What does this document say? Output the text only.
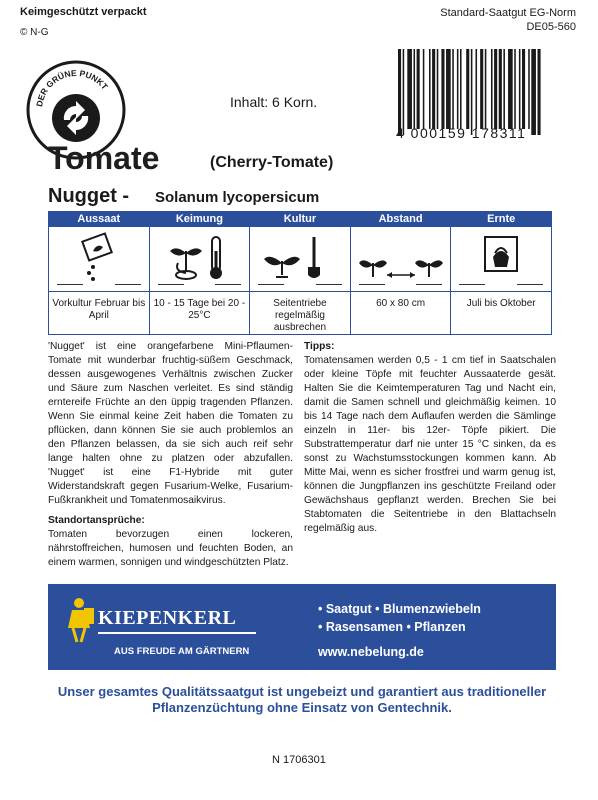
Keimgeschützt verpackt
© N-G
Standard-Saatgut EG-Norm
DE05-560
DER GRÜNE PUNKT
Inhalt: 6 Korn.
4 000159 178311
Tomate	(Cherry-Tomate)
Nugget - Solanum lycopersicum
Aussaat
Vorkultur Februar bis April
Keimung
10 - 15 Tage bei 20 - 25°C
Kultur
Seitentriebe regelmäßig ausbrechen
Abstand
60 x 80 cm
Ernte
Juli bis Oktober
'Nugget' ist eine orangefarbene Mini-Pflaumen-Tomate mit wunderbar fruchtig-süßem Geschmack, dessen ausgewogenes Verhältnis zwischen Zucker und Säure zum Naschen verleitet. Es sind ständig erntereife Früchte an den üppig tragenden Pflanzen. Wenn Sie einmal keine Zeit haben die Tomaten zu pflücken, dann können Sie sie auch problemlos an den Pflanzen belassen, da sie sich auch reif sehr lange halten ohne zu platzen oder abzufallen. 'Nugget' ist eine F1-Hybride mit guter Widerstandskraft gegen Fusarium-Welke, Fusarium-Fußkrankheit und Tomatenmosaikvirus.
Standortansprüche:
Tomaten bevorzugen einen lockeren, nährstoffreichen, humosen und feuchten Boden, an einem warmen, sonnigen und windgeschützten Platz.
Tipps:
Tomatensamen werden 0,5 - 1 cm tief in Saatschalen oder kleine Töpfe mit feuchter Aussaaterde gesät. Halten Sie die Keimtemperaturen Tag und Nacht ein, damit die Samen schnell und gleichmäßig keimen. 10 bis 14 Tage nach dem Auflaufen werden die Sämlinge einzeln in 11er- bis 12er- Töpfe pikiert. Die Substrattemperatur darf nie unter 15 °C sinken, da es sonst zu Wachstumsstockungen kommen kann. Ab Mitte Mai, wenn es sicher frostfrei und warm genug ist, können die Jungpflanzen ins geschützte Freiland oder Gewächshaus gepflanzt werden. Brechen Sie bei Stabtomaten die Seitentriebe in den Blattachseln regelmäßig aus.
KIEPENKERL
AUS FREUDE AM GÄRTNERN
• Saatgut • Blumenzwiebeln
• Rasensamen • Pflanzen
www.nebelung.de
Unser gesamtes Qualitätssaatgut ist ungebeizt und garantiert aus traditioneller Pflanzenzüchtung ohne Einsatz von Gentechnik.
N 1706301
